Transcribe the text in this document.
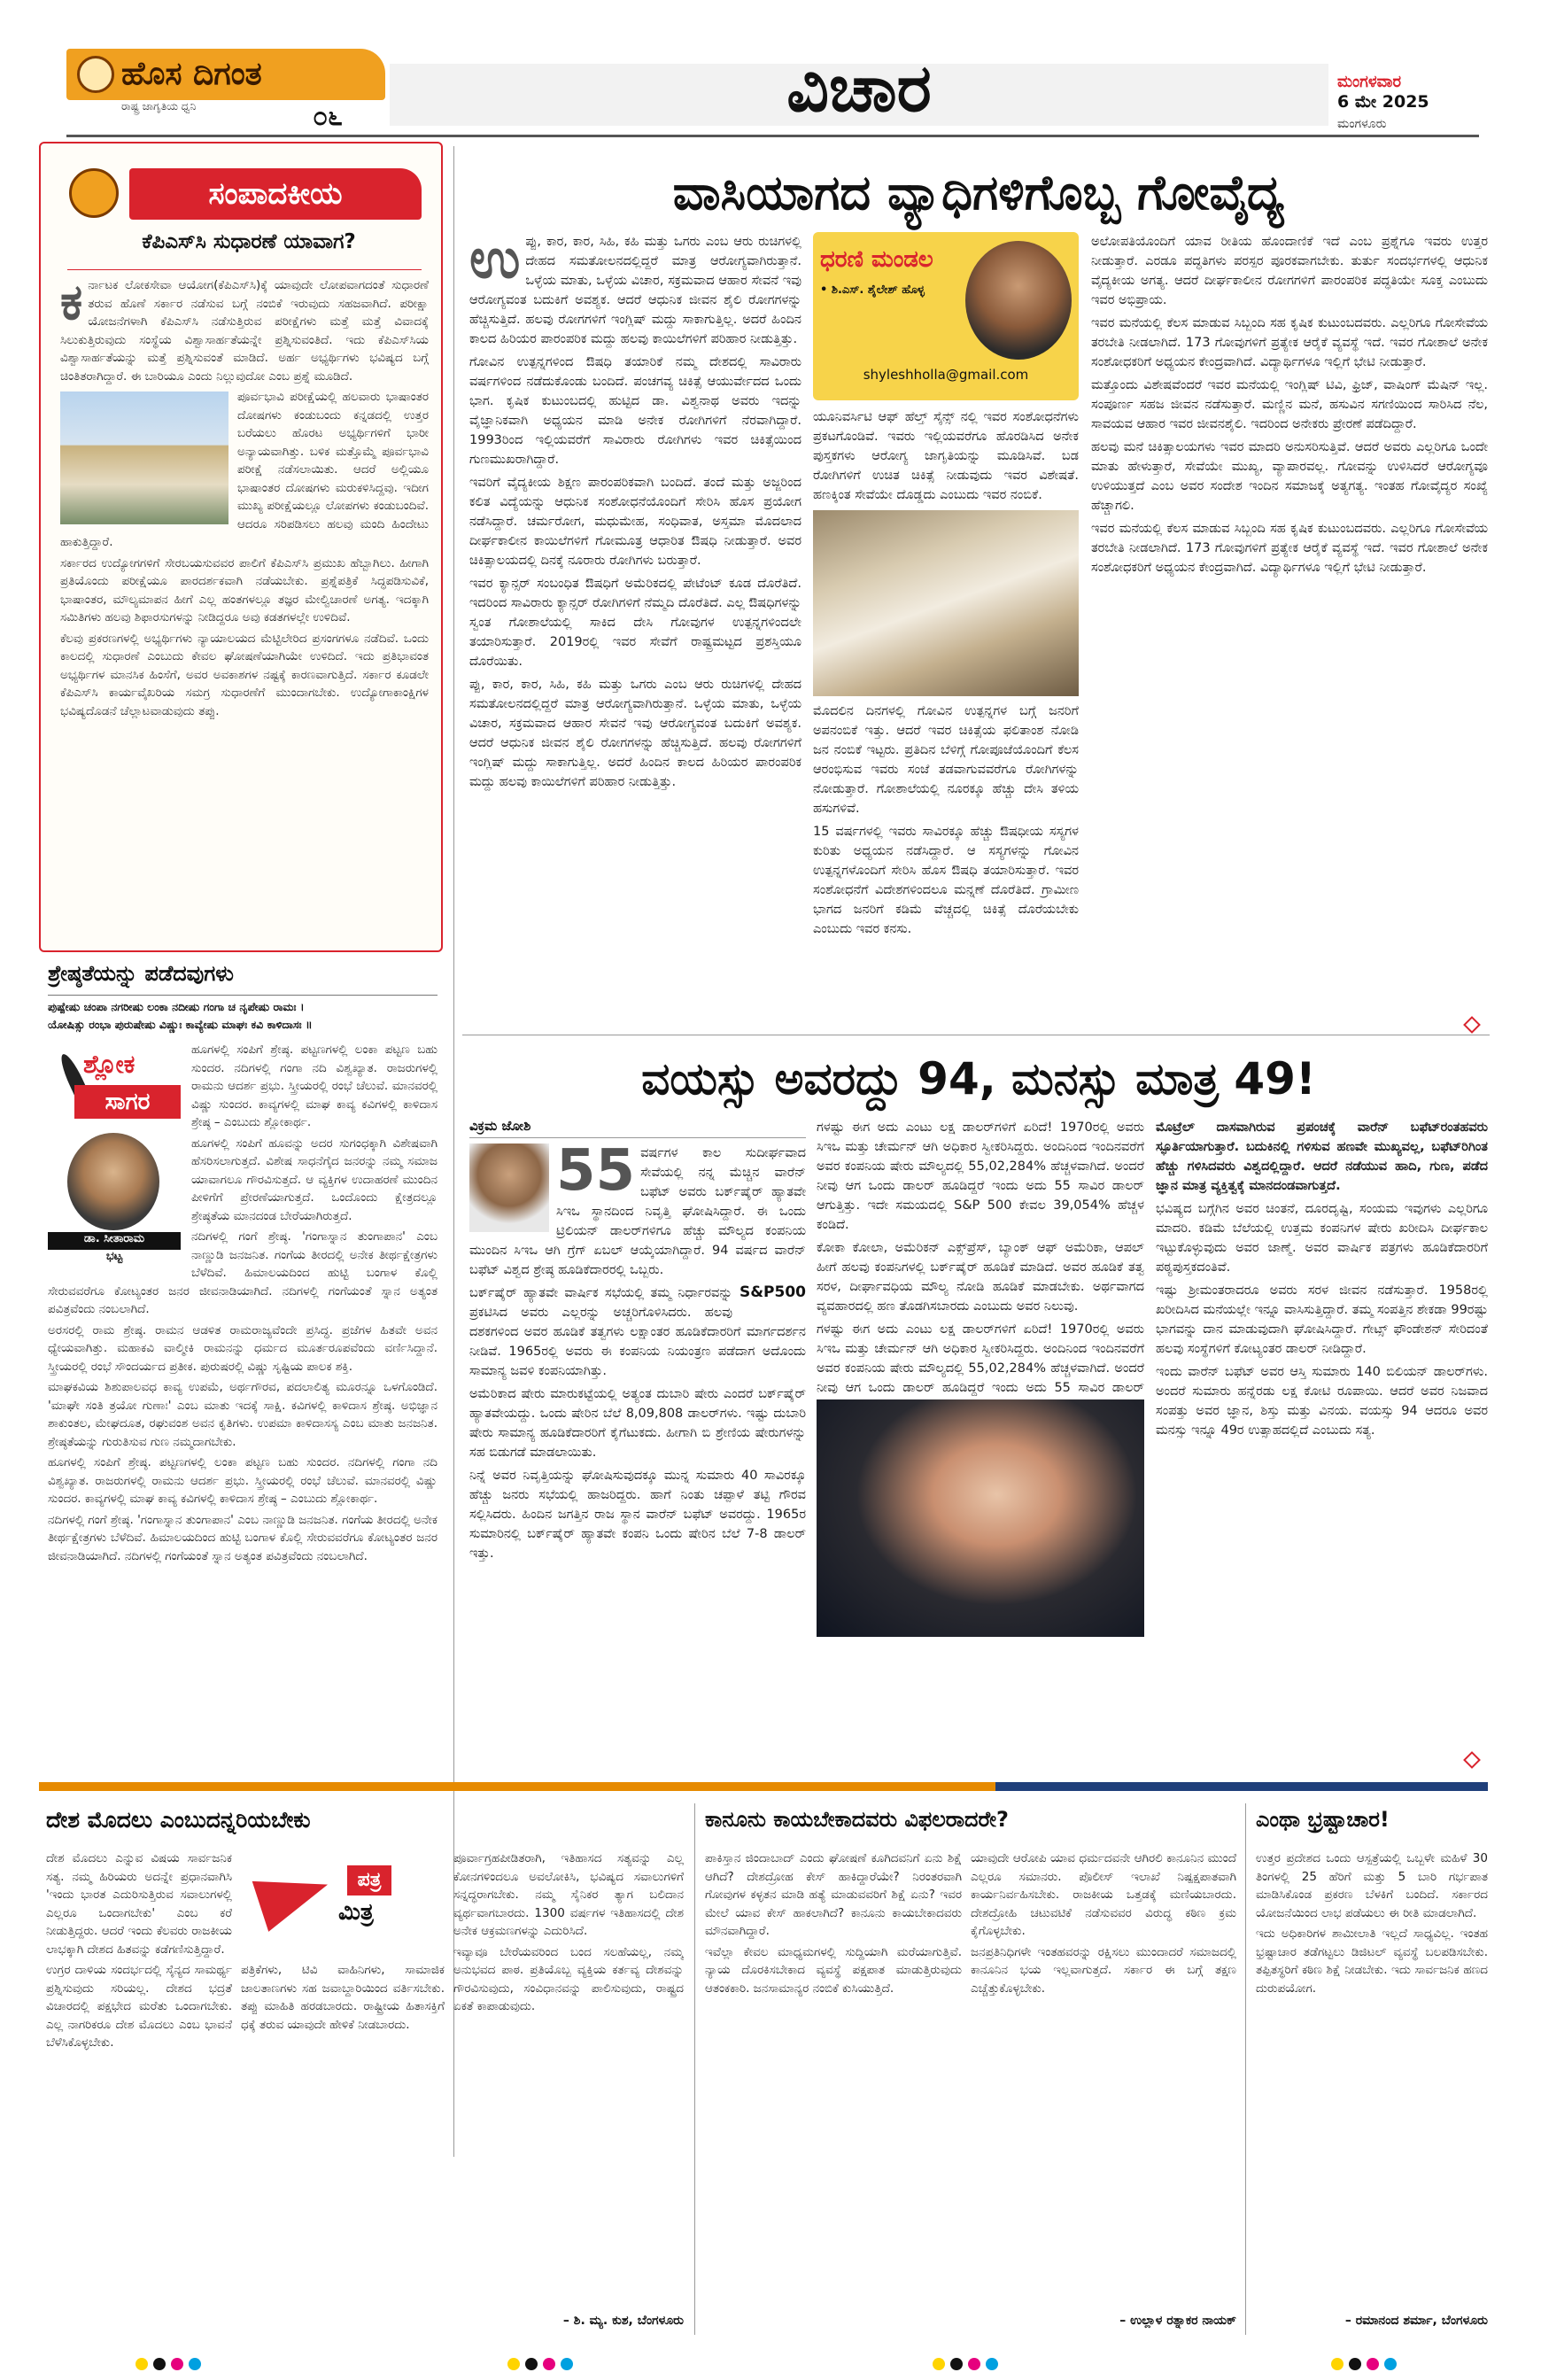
ಹೊಸ ದಿಗಂತ
ರಾಷ್ಟ್ರ ಜಾಗೃತಿಯ ಧ್ವನಿ	೦೬	ವಿಚಾರ	ಮಂಗಳವಾರ
6 ಮೇ 2025
ಮಂಗಳೂರು
ಸಂಪಾದಕೀಯ
ಕೆಪಿಎಸ್‌ಸಿ ಸುಧಾರಣೆ ಯಾವಾಗ?
ಕ ರ್ನಾಟಕ ಲೋಕಸೇವಾ ಆಯೋಗ(ಕೆಪಿಎಸ್‌ಸಿ)ಕ್ಕೆ ಯಾವುದೇ ಲೋಪವಾಗದಂತೆ ಸುಧಾರಣೆ ತರುವ ಹೊಣೆ ಸರ್ಕಾರ ನಡೆಸುವ ಬಗ್ಗೆ ನಂಬಿಕೆ ಇರುವುದು ಸಹಜವಾಗಿದೆ. ಪರೀಕ್ಷಾ ಯೋಜನೆಗಳಾಗಿ ಕೆಪಿಎಸ್‌ಸಿ ನಡೆಸುತ್ತಿರುವ ಪರೀಕ್ಷೆಗಳು ಮತ್ತೆ ಮತ್ತೆ ವಿವಾದಕ್ಕೆ ಸಿಲುಕುತ್ತಿರುವುದು ಸಂಸ್ಥೆಯ ವಿಶ್ವಾಸಾರ್ಹತೆಯನ್ನೇ ಪ್ರಶ್ನಿಸುವಂತಿದೆ. ಇದು ಕೆಪಿಎಸ್‌ಸಿಯ ವಿಶ್ವಾಸಾರ್ಹತೆಯನ್ನು ಮತ್ತೆ ಪ್ರಶ್ನಿಸುವಂತೆ ಮಾಡಿದೆ. ಅರ್ಹ ಅಭ್ಯರ್ಥಿಗಳು ಭವಿಷ್ಯದ ಬಗ್ಗೆ ಚಿಂತಿತರಾಗಿದ್ದಾರೆ. ಈ ಬಾರಿಯೂ ಎಂದು ನಿಲ್ಲುವುದೋ ಎಂಬ ಪ್ರಶ್ನೆ ಮೂಡಿದೆ.

ಪೂರ್ವಭಾವಿ ಪರೀಕ್ಷೆಯಲ್ಲಿ ಹಲವಾರು ಭಾಷಾಂತರ ದೋಷಗಳು ಕಂಡುಬಂದು ಕನ್ನಡದಲ್ಲಿ ಉತ್ತರ ಬರೆಯಲು ಹೊರಟ ಅಭ್ಯರ್ಥಿಗಳಿಗೆ ಭಾರೀ ಅನ್ಯಾಯವಾಗಿತ್ತು. ಬಳಿಕ ಮತ್ತೊಮ್ಮೆ ಪೂರ್ವಭಾವಿ ಪರೀಕ್ಷೆ ನಡೆಸಲಾಯಿತು. ಆದರೆ ಅಲ್ಲಿಯೂ ಭಾಷಾಂತರ ದೋಷಗಳು ಮರುಕಳಿಸಿದ್ದವು. ಇದೀಗ ಮುಖ್ಯ ಪರೀಕ್ಷೆಯಲ್ಲೂ ಲೋಪಗಳು ಕಂಡುಬಂದಿವೆ. ಆದರೂ ಸರಿಪಡಿಸಲು ಹಲವು ಮಂದಿ ಹಿಂದೇಟು ಹಾಕುತ್ತಿದ್ದಾರೆ.

ಸರ್ಕಾರದ ಉದ್ಯೋಗಗಳಿಗೆ ಸೇರಬಯಸುವವರ ಪಾಲಿಗೆ ಕೆಪಿಎಸ್‌ಸಿ ಪ್ರಮುಖ ಹೆಬ್ಬಾಗಿಲು. ಹೀಗಾಗಿ ಪ್ರತಿಯೊಂದು ಪರೀಕ್ಷೆಯೂ ಪಾರದರ್ಶಕವಾಗಿ ನಡೆಯಬೇಕು. ಪ್ರಶ್ನೆಪತ್ರಿಕೆ ಸಿದ್ಧಪಡಿಸುವಿಕೆ, ಭಾಷಾಂತರ, ಮೌಲ್ಯಮಾಪನ ಹೀಗೆ ಎಲ್ಲ ಹಂತಗಳಲ್ಲೂ ತಜ್ಞರ ಮೇಲ್ವಿಚಾರಣೆ ಅಗತ್ಯ. ಇದಕ್ಕಾಗಿ ಸಮಿತಿಗಳು ಹಲವು ಶಿಫಾರಸುಗಳನ್ನು ನೀಡಿದ್ದರೂ ಅವು ಕಡತಗಳಲ್ಲೇ ಉಳಿದಿವೆ.

ಕೆಲವು ಪ್ರಕರಣಗಳಲ್ಲಿ ಅಭ್ಯರ್ಥಿಗಳು ನ್ಯಾಯಾಲಯದ ಮೆಟ್ಟಿಲೇರಿದ ಪ್ರಸಂಗಗಳೂ ನಡೆದಿವೆ. ಒಂದು ಕಾಲದಲ್ಲಿ ಸುಧಾರಣೆ ಎಂಬುದು ಕೇವಲ ಘೋಷಣೆಯಾಗಿಯೇ ಉಳಿದಿದೆ. ಇದು ಪ್ರತಿಭಾವಂತ ಅಭ್ಯರ್ಥಿಗಳ ಮಾನಸಿಕ ಹಿಂಸೆಗೆ, ಅವರ ಅವಕಾಶಗಳ ನಷ್ಟಕ್ಕೆ ಕಾರಣವಾಗುತ್ತಿದೆ. ಸರ್ಕಾರ ಕೂಡಲೇ ಕೆಪಿಎಸ್‌ಸಿ ಕಾರ್ಯವೈಖರಿಯ ಸಮಗ್ರ ಸುಧಾರಣೆಗೆ ಮುಂದಾಗಬೇಕು. ಉದ್ಯೋಗಾಕಾಂಕ್ಷಿಗಳ ಭವಿಷ್ಯದೊಡನೆ ಚೆಲ್ಲಾಟವಾಡುವುದು ತಪ್ಪು.

ಶ್ರೇಷ್ಠತೆಯನ್ನು ಪಡೆದವುಗಳು
ಪುಷ್ಪೇಷು ಚಂಪಾ ನಗರೀಷು ಲಂಕಾ ನದೀಷು ಗಂಗಾ ಚ ನೃಪೇಷು ರಾಮಃ ।
ಯೋಷಿತ್ಸು ರಂಭಾ ಪುರುಷೇಷು ವಿಷ್ಣುಃ ಕಾವ್ಯೇಷು ಮಾಘಃ ಕವಿ ಕಾಳಿದಾಸಃ ॥
ಶ್ಲೋಕ
ಸಾಗರ
ಡಾ. ಸೀತಾರಾಮ
ಭಟ್ಟ

ಹೂಗಳಲ್ಲಿ ಸಂಪಿಗೆ ಶ್ರೇಷ್ಠ. ಪಟ್ಟಣಗಳಲ್ಲಿ ಲಂಕಾ ಪಟ್ಟಣ ಬಹು ಸುಂದರ. ನದಿಗಳಲ್ಲಿ ಗಂಗಾ ನದಿ ವಿಶ್ವಖ್ಯಾತ. ರಾಜರುಗಳಲ್ಲಿ ರಾಮನು ಆದರ್ಶ ಪ್ರಭು. ಸ್ತ್ರೀಯರಲ್ಲಿ ರಂಭೆ ಚೆಲುವೆ. ಮಾನವರಲ್ಲಿ ವಿಷ್ಣು ಸುಂದರ. ಕಾವ್ಯಗಳಲ್ಲಿ ಮಾಘ ಕಾವ್ಯ ಕವಿಗಳಲ್ಲಿ ಕಾಳಿದಾಸ ಶ್ರೇಷ್ಠ – ಎಂಬುದು ಶ್ಲೋಕಾರ್ಥ.

ಹೂಗಳಲ್ಲಿ ಸಂಪಿಗೆ ಹೂವನ್ನು ಅದರ ಸುಗಂಧಕ್ಕಾಗಿ ವಿಶೇಷವಾಗಿ ಹೆಸರಿಸಲಾಗುತ್ತದೆ. ವಿಶೇಷ ಸಾಧನೆಗೈದ ಜನರನ್ನು ನಮ್ಮ ಸಮಾಜ ಯಾವಾಗಲೂ ಗೌರವಿಸುತ್ತದೆ. ಆ ವ್ಯಕ್ತಿಗಳ ಉದಾಹರಣೆ ಮುಂದಿನ ಪೀಳಿಗೆಗೆ ಪ್ರೇರಣೆಯಾಗುತ್ತದೆ. ಒಂದೊಂದು ಕ್ಷೇತ್ರದಲ್ಲೂ ಶ್ರೇಷ್ಠತೆಯ ಮಾನದಂಡ ಬೇರೆಯಾಗಿರುತ್ತದೆ.

ನದಿಗಳಲ್ಲಿ ಗಂಗೆ ಶ್ರೇಷ್ಠ. 'ಗಂಗಾಸ್ನಾನ ತುಂಗಾಪಾನ' ಎಂಬ ನಾಣ್ಣುಡಿ ಜನಜನಿತ. ಗಂಗೆಯ ತೀರದಲ್ಲಿ ಅನೇಕ ತೀರ್ಥಕ್ಷೇತ್ರಗಳು ಬೆಳೆದಿವೆ. ಹಿಮಾಲಯದಿಂದ ಹುಟ್ಟಿ ಬಂಗಾಳ ಕೊಲ್ಲಿ ಸೇರುವವರೆಗೂ ಕೋಟ್ಯಂತರ ಜನರ ಜೀವನಾಡಿಯಾಗಿದೆ. ನದಿಗಳಲ್ಲಿ ಗಂಗೆಯಂತೆ ಸ್ನಾನ ಅತ್ಯಂತ ಪವಿತ್ರವೆಂದು ನಂಬಲಾಗಿದೆ.

ಅರಸರಲ್ಲಿ ರಾಮ ಶ್ರೇಷ್ಠ. ರಾಮನ ಆಡಳಿತ ರಾಮರಾಜ್ಯವೆಂದೇ ಪ್ರಸಿದ್ಧ. ಪ್ರಜೆಗಳ ಹಿತವೇ ಅವನ ಧ್ಯೇಯವಾಗಿತ್ತು. ಮಹಾಕವಿ ವಾಲ್ಮೀಕಿ ರಾಮನನ್ನು ಧರ್ಮದ ಮೂರ್ತರೂಪವೆಂದು ವರ್ಣಿಸಿದ್ದಾನೆ. ಸ್ತ್ರೀಯರಲ್ಲಿ ರಂಭೆ ಸೌಂದರ್ಯದ ಪ್ರತೀಕ. ಪುರುಷರಲ್ಲಿ ವಿಷ್ಣು ಸೃಷ್ಟಿಯ ಪಾಲಕ ಶಕ್ತಿ.

ಮಾಘಕವಿಯ ಶಿಶುಪಾಲವಧ ಕಾವ್ಯ ಉಪಮೆ, ಅರ್ಥಗೌರವ, ಪದಲಾಲಿತ್ಯ ಮೂರನ್ನೂ ಒಳಗೊಂಡಿದೆ. 'ಮಾಘೇ ಸಂತಿ ತ್ರಯೋ ಗುಣಾಃ' ಎಂಬ ಮಾತು ಇದಕ್ಕೆ ಸಾಕ್ಷಿ. ಕವಿಗಳಲ್ಲಿ ಕಾಳಿದಾಸ ಶ್ರೇಷ್ಠ. ಅಭಿಜ್ಞಾನ ಶಾಕುಂತಲ, ಮೇಘದೂತ, ರಘುವಂಶ ಅವನ ಕೃತಿಗಳು. ಉಪಮಾ ಕಾಳಿದಾಸಸ್ಯ ಎಂಬ ಮಾತು ಜನಜನಿತ. ಶ್ರೇಷ್ಠತೆಯನ್ನು ಗುರುತಿಸುವ ಗುಣ ನಮ್ಮದಾಗಬೇಕು.

ಹೂಗಳಲ್ಲಿ ಸಂಪಿಗೆ ಶ್ರೇಷ್ಠ. ಪಟ್ಟಣಗಳಲ್ಲಿ ಲಂಕಾ ಪಟ್ಟಣ ಬಹು ಸುಂದರ. ನದಿಗಳಲ್ಲಿ ಗಂಗಾ ನದಿ ವಿಶ್ವಖ್ಯಾತ. ರಾಜರುಗಳಲ್ಲಿ ರಾಮನು ಆದರ್ಶ ಪ್ರಭು. ಸ್ತ್ರೀಯರಲ್ಲಿ ರಂಭೆ ಚೆಲುವೆ. ಮಾನವರಲ್ಲಿ ವಿಷ್ಣು ಸುಂದರ. ಕಾವ್ಯಗಳಲ್ಲಿ ಮಾಘ ಕಾವ್ಯ ಕವಿಗಳಲ್ಲಿ ಕಾಳಿದಾಸ ಶ್ರೇಷ್ಠ – ಎಂಬುದು ಶ್ಲೋಕಾರ್ಥ.

ನದಿಗಳಲ್ಲಿ ಗಂಗೆ ಶ್ರೇಷ್ಠ. 'ಗಂಗಾಸ್ನಾನ ತುಂಗಾಪಾನ' ಎಂಬ ನಾಣ್ಣುಡಿ ಜನಜನಿತ. ಗಂಗೆಯ ತೀರದಲ್ಲಿ ಅನೇಕ ತೀರ್ಥಕ್ಷೇತ್ರಗಳು ಬೆಳೆದಿವೆ. ಹಿಮಾಲಯದಿಂದ ಹುಟ್ಟಿ ಬಂಗಾಳ ಕೊಲ್ಲಿ ಸೇರುವವರೆಗೂ ಕೋಟ್ಯಂತರ ಜನರ ಜೀವನಾಡಿಯಾಗಿದೆ. ನದಿಗಳಲ್ಲಿ ಗಂಗೆಯಂತೆ ಸ್ನಾನ ಅತ್ಯಂತ ಪವಿತ್ರವೆಂದು ನಂಬಲಾಗಿದೆ.

ವಾಸಿಯಾಗದ ವ್ಯಾಧಿಗಳಿಗೊಬ್ಬ ಗೋವೈದ್ಯ
ಉ ಪ್ಪು, ಕಾರ, ಕಾರ, ಸಿಹಿ, ಕಹಿ ಮತ್ತು ಒಗರು ಎಂಬ ಆರು ರುಚಿಗಳಲ್ಲಿ ದೇಹದ ಸಮತೋಲನದಲ್ಲಿದ್ದರೆ ಮಾತ್ರ ಆರೋಗ್ಯವಾಗಿರುತ್ತಾನೆ. ಒಳ್ಳೆಯ ಮಾತು, ಒಳ್ಳೆಯ ವಿಚಾರ, ಸಕ್ರಮವಾದ ಆಹಾರ ಸೇವನೆ ಇವು ಆರೋಗ್ಯವಂತ ಬದುಕಿಗೆ ಅವಶ್ಯಕ. ಆದರೆ ಆಧುನಿಕ ಜೀವನ ಶೈಲಿ ರೋಗಗಳನ್ನು ಹೆಚ್ಚಿಸುತ್ತಿದೆ. ಹಲವು ರೋಗಗಳಿಗೆ ಇಂಗ್ಲಿಷ್ ಮದ್ದು ಸಾಕಾಗುತ್ತಿಲ್ಲ. ಅದರೆ ಹಿಂದಿನ ಕಾಲದ ಹಿರಿಯರ ಪಾರಂಪರಿಕ ಮದ್ದು ಹಲವು ಕಾಯಿಲೆಗಳಿಗೆ ಪರಿಹಾರ ನೀಡುತ್ತಿತ್ತು.

ಗೋವಿನ ಉತ್ಪನ್ನಗಳಿಂದ ಔಷಧಿ ತಯಾರಿಕೆ ನಮ್ಮ ದೇಶದಲ್ಲಿ ಸಾವಿರಾರು ವರ್ಷಗಳಿಂದ ನಡೆದುಕೊಂಡು ಬಂದಿದೆ. ಪಂಚಗವ್ಯ ಚಿಕಿತ್ಸೆ ಆಯುರ್ವೇದದ ಒಂದು ಭಾಗ. ಕೃಷಿಕ ಕುಟುಂಬದಲ್ಲಿ ಹುಟ್ಟಿದ ಡಾ. ವಿಶ್ವನಾಥ ಅವರು ಇದನ್ನು ವೈಜ್ಞಾನಿಕವಾಗಿ ಅಧ್ಯಯನ ಮಾಡಿ ಅನೇಕ ರೋಗಿಗಳಿಗೆ ನೆರವಾಗಿದ್ದಾರೆ. 1993ರಿಂದ ಇಲ್ಲಿಯವರೆಗೆ ಸಾವಿರಾರು ರೋಗಿಗಳು ಇವರ ಚಿಕಿತ್ಸೆಯಿಂದ ಗುಣಮುಖರಾಗಿದ್ದಾರೆ.

ಇವರಿಗೆ ವೈದ್ಯಕೀಯ ಶಿಕ್ಷಣ ಪಾರಂಪರಿಕವಾಗಿ ಬಂದಿದೆ. ತಂದೆ ಮತ್ತು ಅಜ್ಜರಿಂದ ಕಲಿತ ವಿದ್ಯೆಯನ್ನು ಆಧುನಿಕ ಸಂಶೋಧನೆಯೊಂದಿಗೆ ಸೇರಿಸಿ ಹೊಸ ಪ್ರಯೋಗ ನಡೆಸಿದ್ದಾರೆ. ಚರ್ಮರೋಗ, ಮಧುಮೇಹ, ಸಂಧಿವಾತ, ಅಸ್ತಮಾ ಮೊದಲಾದ ದೀರ್ಘಕಾಲೀನ ಕಾಯಿಲೆಗಳಿಗೆ ಗೋಮೂತ್ರ ಆಧಾರಿತ ಔಷಧಿ ನೀಡುತ್ತಾರೆ. ಅವರ ಚಿಕಿತ್ಸಾಲಯದಲ್ಲಿ ದಿನಕ್ಕೆ ನೂರಾರು ರೋಗಿಗಳು ಬರುತ್ತಾರೆ.

ಇವರ ಕ್ಯಾನ್ಸರ್ ಸಂಬಂಧಿತ ಔಷಧಿಗೆ ಅಮೆರಿಕದಲ್ಲಿ ಪೇಟೆಂಟ್ ಕೂಡ ದೊರೆತಿದೆ. ಇದರಿಂದ ಸಾವಿರಾರು ಕ್ಯಾನ್ಸರ್ ರೋಗಿಗಳಿಗೆ ನೆಮ್ಮದಿ ದೊರೆತಿದೆ. ಎಲ್ಲ ಔಷಧಿಗಳನ್ನು ಸ್ವಂತ ಗೋಶಾಲೆಯಲ್ಲಿ ಸಾಕಿದ ದೇಸಿ ಗೋವುಗಳ ಉತ್ಪನ್ನಗಳಿಂದಲೇ ತಯಾರಿಸುತ್ತಾರೆ. 2019ರಲ್ಲಿ ಇವರ ಸೇವೆಗೆ ರಾಷ್ಟ್ರಮಟ್ಟದ ಪ್ರಶಸ್ತಿಯೂ ದೊರೆಯಿತು.

ಪ್ಪು, ಕಾರ, ಕಾರ, ಸಿಹಿ, ಕಹಿ ಮತ್ತು ಒಗರು ಎಂಬ ಆರು ರುಚಿಗಳಲ್ಲಿ ದೇಹದ ಸಮತೋಲನದಲ್ಲಿದ್ದರೆ ಮಾತ್ರ ಆರೋಗ್ಯವಾಗಿರುತ್ತಾನೆ. ಒಳ್ಳೆಯ ಮಾತು, ಒಳ್ಳೆಯ ವಿಚಾರ, ಸಕ್ರಮವಾದ ಆಹಾರ ಸೇವನೆ ಇವು ಆರೋಗ್ಯವಂತ ಬದುಕಿಗೆ ಅವಶ್ಯಕ. ಆದರೆ ಆಧುನಿಕ ಜೀವನ ಶೈಲಿ ರೋಗಗಳನ್ನು ಹೆಚ್ಚಿಸುತ್ತಿದೆ. ಹಲವು ರೋಗಗಳಿಗೆ ಇಂಗ್ಲಿಷ್ ಮದ್ದು ಸಾಕಾಗುತ್ತಿಲ್ಲ. ಅದರೆ ಹಿಂದಿನ ಕಾಲದ ಹಿರಿಯರ ಪಾರಂಪರಿಕ ಮದ್ದು ಹಲವು ಕಾಯಿಲೆಗಳಿಗೆ ಪರಿಹಾರ ನೀಡುತ್ತಿತ್ತು.

ಧರಣಿ ಮಂಡಲ
• ಶಿ.ಎಸ್. ಶೈಲೇಶ್ ಹೊಳ್ಳ
shyleshholla@gmail.com

ಯೂನಿವರ್ಸಿಟಿ ಆಫ್ ಹೆಲ್ತ್ ಸೈನ್ಸ್ ನಲ್ಲಿ ಇವರ ಸಂಶೋಧನೆಗಳು ಪ್ರಕಟಗೊಂಡಿವೆ. ಇವರು ಇಲ್ಲಿಯವರೆಗೂ ಹೊರಡಿಸಿದ ಅನೇಕ ಪುಸ್ತಕಗಳು ಆರೋಗ್ಯ ಜಾಗೃತಿಯನ್ನು ಮೂಡಿಸಿವೆ. ಬಡ ರೋಗಿಗಳಿಗೆ ಉಚಿತ ಚಿಕಿತ್ಸೆ ನೀಡುವುದು ಇವರ ವಿಶೇಷತೆ. ಹಣಕ್ಕಿಂತ ಸೇವೆಯೇ ದೊಡ್ಡದು ಎಂಬುದು ಇವರ ನಂಬಿಕೆ.

ಮೊದಲಿನ ದಿನಗಳಲ್ಲಿ ಗೋವಿನ ಉತ್ಪನ್ನಗಳ ಬಗ್ಗೆ ಜನರಿಗೆ ಅಪನಂಬಿಕೆ ಇತ್ತು. ಆದರೆ ಇವರ ಚಿಕಿತ್ಸೆಯ ಫಲಿತಾಂಶ ನೋಡಿ ಜನ ನಂಬಿಕೆ ಇಟ್ಟರು. ಪ್ರತಿದಿನ ಬೆಳಿಗ್ಗೆ ಗೋಪೂಜೆಯೊಂದಿಗೆ ಕೆಲಸ ಆರಂಭಿಸುವ ಇವರು ಸಂಜೆ ತಡವಾಗುವವರೆಗೂ ರೋಗಿಗಳನ್ನು ನೋಡುತ್ತಾರೆ. ಗೋಶಾಲೆಯಲ್ಲಿ ನೂರಕ್ಕೂ ಹೆಚ್ಚು ದೇಸಿ ತಳಿಯ ಹಸುಗಳಿವೆ.

15 ವರ್ಷಗಳಲ್ಲಿ ಇವರು ಸಾವಿರಕ್ಕೂ ಹೆಚ್ಚು ಔಷಧೀಯ ಸಸ್ಯಗಳ ಕುರಿತು ಅಧ್ಯಯನ ನಡೆಸಿದ್ದಾರೆ. ಆ ಸಸ್ಯಗಳನ್ನು ಗೋವಿನ ಉತ್ಪನ್ನಗಳೊಂದಿಗೆ ಸೇರಿಸಿ ಹೊಸ ಔಷಧಿ ತಯಾರಿಸುತ್ತಾರೆ. ಇವರ ಸಂಶೋಧನೆಗೆ ವಿದೇಶಗಳಿಂದಲೂ ಮನ್ನಣೆ ದೊರೆತಿದೆ. ಗ್ರಾಮೀಣ ಭಾಗದ ಜನರಿಗೆ ಕಡಿಮೆ ವೆಚ್ಚದಲ್ಲಿ ಚಿಕಿತ್ಸೆ ದೊರೆಯಬೇಕು ಎಂಬುದು ಇವರ ಕನಸು.

ಅಲೋಪತಿಯೊಂದಿಗೆ ಯಾವ ರೀತಿಯ ಹೊಂದಾಣಿಕೆ ಇದೆ ಎಂಬ ಪ್ರಶ್ನೆಗೂ ಇವರು ಉತ್ತರ ನೀಡುತ್ತಾರೆ. ಎರಡೂ ಪದ್ಧತಿಗಳು ಪರಸ್ಪರ ಪೂರಕವಾಗಬೇಕು. ತುರ್ತು ಸಂದರ್ಭಗಳಲ್ಲಿ ಆಧುನಿಕ ವೈದ್ಯಕೀಯ ಅಗತ್ಯ. ಆದರೆ ದೀರ್ಘಕಾಲೀನ ರೋಗಗಳಿಗೆ ಪಾರಂಪರಿಕ ಪದ್ಧತಿಯೇ ಸೂಕ್ತ ಎಂಬುದು ಇವರ ಅಭಿಪ್ರಾಯ.

ಇವರ ಮನೆಯಲ್ಲಿ ಕೆಲಸ ಮಾಡುವ ಸಿಬ್ಬಂದಿ ಸಹ ಕೃಷಿಕ ಕುಟುಂಬದವರು. ಎಲ್ಲರಿಗೂ ಗೋಸೇವೆಯ ತರಬೇತಿ ನೀಡಲಾಗಿದೆ. 173 ಗೋವುಗಳಿಗೆ ಪ್ರತ್ಯೇಕ ಆರೈಕೆ ವ್ಯವಸ್ಥೆ ಇದೆ. ಇವರ ಗೋಶಾಲೆ ಅನೇಕ ಸಂಶೋಧಕರಿಗೆ ಅಧ್ಯಯನ ಕೇಂದ್ರವಾಗಿದೆ. ವಿದ್ಯಾರ್ಥಿಗಳೂ ಇಲ್ಲಿಗೆ ಭೇಟಿ ನೀಡುತ್ತಾರೆ.

ಮತ್ತೊಂದು ವಿಶೇಷವೆಂದರೆ ಇವರ ಮನೆಯಲ್ಲಿ ಇಂಗ್ಲಿಷ್ ಟಿವಿ, ಫ್ರಿಜ್, ವಾಷಿಂಗ್ ಮೆಷಿನ್ ಇಲ್ಲ. ಸಂಪೂರ್ಣ ಸಹಜ ಜೀವನ ನಡೆಸುತ್ತಾರೆ. ಮಣ್ಣಿನ ಮನೆ, ಹಸುವಿನ ಸಗಣಿಯಿಂದ ಸಾರಿಸಿದ ನೆಲ, ಸಾವಯವ ಆಹಾರ ಇವರ ಜೀವನಶೈಲಿ. ಇದರಿಂದ ಅನೇಕರು ಪ್ರೇರಣೆ ಪಡೆದಿದ್ದಾರೆ.

ಹಲವು ಮನೆ ಚಿಕಿತ್ಸಾಲಯಗಳು ಇವರ ಮಾದರಿ ಅನುಸರಿಸುತ್ತಿವೆ. ಆದರೆ ಅವರು ಎಲ್ಲರಿಗೂ ಒಂದೇ ಮಾತು ಹೇಳುತ್ತಾರೆ, ಸೇವೆಯೇ ಮುಖ್ಯ, ವ್ಯಾಪಾರವಲ್ಲ. ಗೋವನ್ನು ಉಳಿಸಿದರೆ ಆರೋಗ್ಯವೂ ಉಳಿಯುತ್ತದೆ ಎಂಬ ಅವರ ಸಂದೇಶ ಇಂದಿನ ಸಮಾಜಕ್ಕೆ ಅತ್ಯಗತ್ಯ. ಇಂತಹ ಗೋವೈದ್ಯರ ಸಂಖ್ಯೆ ಹೆಚ್ಚಾಗಲಿ.

ಇವರ ಮನೆಯಲ್ಲಿ ಕೆಲಸ ಮಾಡುವ ಸಿಬ್ಬಂದಿ ಸಹ ಕೃಷಿಕ ಕುಟುಂಬದವರು. ಎಲ್ಲರಿಗೂ ಗೋಸೇವೆಯ ತರಬೇತಿ ನೀಡಲಾಗಿದೆ. 173 ಗೋವುಗಳಿಗೆ ಪ್ರತ್ಯೇಕ ಆರೈಕೆ ವ್ಯವಸ್ಥೆ ಇದೆ. ಇವರ ಗೋಶಾಲೆ ಅನೇಕ ಸಂಶೋಧಕರಿಗೆ ಅಧ್ಯಯನ ಕೇಂದ್ರವಾಗಿದೆ. ವಿದ್ಯಾರ್ಥಿಗಳೂ ಇಲ್ಲಿಗೆ ಭೇಟಿ ನೀಡುತ್ತಾರೆ.

ವಯಸ್ಸು ಅವರದ್ದು 94, ಮನಸ್ಸು ಮಾತ್ರ 49!
ವಿಕ್ರಮ ಜೋಶಿ
55 ವರ್ಷಗಳ ಕಾಲ ಸುದೀರ್ಘವಾದ ಸೇವೆಯಲ್ಲಿ ನನ್ನ ಮೆಚ್ಚಿನ ವಾರೆನ್ ಬಫೆಟ್ ಅವರು ಬರ್ಕ್‌ಷೈರ್ ಹ್ಯಾತವೇ ಸಿಇಒ ಸ್ಥಾನದಿಂದ ನಿವೃತ್ತಿ ಘೋಷಿಸಿದ್ದಾರೆ. ಈ ಒಂದು ಟ್ರಿಲಿಯನ್ ಡಾಲರ್‌ಗಳಿಗೂ ಹೆಚ್ಚು ಮೌಲ್ಯದ ಕಂಪನಿಯ ಮುಂದಿನ ಸಿಇಒ ಆಗಿ ಗ್ರೆಗ್ ಏಬಲ್ ಆಯ್ಕೆಯಾಗಿದ್ದಾರೆ. 94 ವರ್ಷದ ವಾರೆನ್ ಬಫೆಟ್ ವಿಶ್ವದ ಶ್ರೇಷ್ಠ ಹೂಡಿಕೆದಾರರಲ್ಲಿ ಒಬ್ಬರು.

S&P500

ಬರ್ಕ್‌ಷೈರ್ ಹ್ಯಾತವೇ ವಾರ್ಷಿಕ ಸಭೆಯಲ್ಲಿ ತಮ್ಮ ನಿರ್ಧಾರವನ್ನು ಪ್ರಕಟಿಸಿದ ಅವರು ಎಲ್ಲರನ್ನು ಅಚ್ಚರಿಗೊಳಿಸಿದರು. ಹಲವು ದಶಕಗಳಿಂದ ಅವರ ಹೂಡಿಕೆ ತತ್ವಗಳು ಲಕ್ಷಾಂತರ ಹೂಡಿಕೆದಾರರಿಗೆ ಮಾರ್ಗದರ್ಶನ ನೀಡಿವೆ. 1965ರಲ್ಲಿ ಅವರು ಈ ಕಂಪನಿಯ ನಿಯಂತ್ರಣ ಪಡೆದಾಗ ಅದೊಂದು ಸಾಮಾನ್ಯ ಜವಳಿ ಕಂಪನಿಯಾಗಿತ್ತು.

ಅಮೆರಿಕಾದ ಷೇರು ಮಾರುಕಟ್ಟೆಯಲ್ಲಿ ಅತ್ಯಂತ ದುಬಾರಿ ಷೇರು ಎಂದರೆ ಬರ್ಕ್‌ಷೈರ್ ಹ್ಯಾತವೇಯದ್ದು. ಒಂದು ಷೇರಿನ ಬೆಲೆ 8,09,808 ಡಾಲರ್‌ಗಳು. ಇಷ್ಟು ದುಬಾರಿ ಷೇರು ಸಾಮಾನ್ಯ ಹೂಡಿಕೆದಾರರಿಗೆ ಕೈಗೆಟುಕದು. ಹೀಗಾಗಿ ಬಿ ಶ್ರೇಣಿಯ ಷೇರುಗಳನ್ನು ಸಹ ಬಿಡುಗಡೆ ಮಾಡಲಾಯಿತು.

ನಿನ್ನೆ ಅವರ ನಿವೃತ್ತಿಯನ್ನು ಘೋಷಿಸುವುದಕ್ಕೂ ಮುನ್ನ ಸುಮಾರು 40 ಸಾವಿರಕ್ಕೂ ಹೆಚ್ಚು ಜನರು ಸಭೆಯಲ್ಲಿ ಹಾಜರಿದ್ದರು. ಹಾಗೆ ನಿಂತು ಚಪ್ಪಾಳೆ ತಟ್ಟಿ ಗೌರವ ಸಲ್ಲಿಸಿದರು. ಹಿಂದಿನ ಜಗತ್ತಿನ ರಾಜ ಸ್ಥಾನ ವಾರೆನ್ ಬಫೆಟ್ ಅವರದ್ದು. 1965ರ ಸುಮಾರಿನಲ್ಲಿ ಬರ್ಕ್‌ಷೈರ್ ಹ್ಯಾತವೇ ಕಂಪನಿ ಒಂದು ಷೇರಿನ ಬೆಲೆ 7-8 ಡಾಲರ್ ಇತ್ತು.

ಗಳಷ್ಟು ಈಗ ಅದು ಎಂಟು ಲಕ್ಷ ಡಾಲರ್‌ಗಳಿಗೆ ಏರಿದೆ! 1970ರಲ್ಲಿ ಅವರು ಸಿಇಒ ಮತ್ತು ಚೇರ್ಮನ್ ಆಗಿ ಅಧಿಕಾರ ಸ್ವೀಕರಿಸಿದ್ದರು. ಅಂದಿನಿಂದ ಇಂದಿನವರೆಗೆ ಅವರ ಕಂಪನಿಯ ಷೇರು ಮೌಲ್ಯದಲ್ಲಿ 55,02,284% ಹೆಚ್ಚಳವಾಗಿದೆ. ಅಂದರೆ ನೀವು ಆಗ ಒಂದು ಡಾಲರ್ ಹೂಡಿದ್ದರೆ ಇಂದು ಅದು 55 ಸಾವಿರ ಡಾಲರ್ ಆಗುತ್ತಿತ್ತು. ಇದೇ ಸಮಯದಲ್ಲಿ S&P 500 ಕೇವಲ 39,054% ಹೆಚ್ಚಳ ಕಂಡಿದೆ.

ಕೋಕಾ ಕೋಲಾ, ಅಮೆರಿಕನ್ ಎಕ್ಸ್‌ಪ್ರೆಸ್, ಬ್ಯಾಂಕ್ ಆಫ್ ಅಮೆರಿಕಾ, ಆಪಲ್ ಹೀಗೆ ಹಲವು ಕಂಪನಿಗಳಲ್ಲಿ ಬರ್ಕ್‌ಷೈರ್ ಹೂಡಿಕೆ ಮಾಡಿದೆ. ಅವರ ಹೂಡಿಕೆ ತತ್ವ ಸರಳ, ದೀರ್ಘಾವಧಿಯ ಮೌಲ್ಯ ನೋಡಿ ಹೂಡಿಕೆ ಮಾಡಬೇಕು. ಅರ್ಥವಾಗದ ವ್ಯವಹಾರದಲ್ಲಿ ಹಣ ತೊಡಗಿಸಬಾರದು ಎಂಬುದು ಅವರ ನಿಲುವು.

ಗಳಷ್ಟು ಈಗ ಅದು ಎಂಟು ಲಕ್ಷ ಡಾಲರ್‌ಗಳಿಗೆ ಏರಿದೆ! 1970ರಲ್ಲಿ ಅವರು ಸಿಇಒ ಮತ್ತು ಚೇರ್ಮನ್ ಆಗಿ ಅಧಿಕಾರ ಸ್ವೀಕರಿಸಿದ್ದರು. ಅಂದಿನಿಂದ ಇಂದಿನವರೆಗೆ ಅವರ ಕಂಪನಿಯ ಷೇರು ಮೌಲ್ಯದಲ್ಲಿ 55,02,284% ಹೆಚ್ಚಳವಾಗಿದೆ. ಅಂದರೆ ನೀವು ಆಗ ಒಂದು ಡಾಲರ್ ಹೂಡಿದ್ದರೆ ಇಂದು ಅದು 55 ಸಾವಿರ ಡಾಲರ್

ಮೊಟ್ರೆಲ್ ದಾಸವಾಗಿರುವ ಪ್ರಪಂಚಕ್ಕೆ ವಾರೆನ್ ಬಫೆಟ್‌ರಂತಹವರು ಸ್ಫೂರ್ತಿಯಾಗುತ್ತಾರೆ. ಬದುಕಿನಲ್ಲಿ ಗಳಿಸುವ ಹಣವೇ ಮುಖ್ಯವಲ್ಲ, ಬಫೆಟ್‌ರಿಗಿಂತ ಹೆಚ್ಚು ಗಳಿಸಿದವರು ವಿಶ್ವದಲ್ಲಿದ್ದಾರೆ. ಆದರೆ ನಡೆಯುವ ಹಾದಿ, ಗುಣ, ಪಡೆದ ಜ್ಞಾನ ಮಾತ್ರ ವ್ಯಕ್ತಿತ್ವಕ್ಕೆ ಮಾನದಂಡವಾಗುತ್ತದೆ.

ಭವಿಷ್ಯದ ಬಗ್ಗೆಗಿನ ಅವರ ಚಿಂತನೆ, ದೂರದೃಷ್ಟಿ, ಸಂಯಮ ಇವುಗಳು ಎಲ್ಲರಿಗೂ ಮಾದರಿ. ಕಡಿಮೆ ಬೆಲೆಯಲ್ಲಿ ಉತ್ತಮ ಕಂಪನಿಗಳ ಷೇರು ಖರೀದಿಸಿ ದೀರ್ಘಕಾಲ ಇಟ್ಟುಕೊಳ್ಳುವುದು ಅವರ ಜಾಣ್ಮೆ. ಅವರ ವಾರ್ಷಿಕ ಪತ್ರಗಳು ಹೂಡಿಕೆದಾರರಿಗೆ ಪಠ್ಯಪುಸ್ತಕದಂತಿವೆ.

ಇಷ್ಟು ಶ್ರೀಮಂತರಾದರೂ ಅವರು ಸರಳ ಜೀವನ ನಡೆಸುತ್ತಾರೆ. 1958ರಲ್ಲಿ ಖರೀದಿಸಿದ ಮನೆಯಲ್ಲೇ ಇನ್ನೂ ವಾಸಿಸುತ್ತಿದ್ದಾರೆ. ತಮ್ಮ ಸಂಪತ್ತಿನ ಶೇಕಡಾ 99ರಷ್ಟು ಭಾಗವನ್ನು ದಾನ ಮಾಡುವುದಾಗಿ ಘೋಷಿಸಿದ್ದಾರೆ. ಗೇಟ್ಸ್ ಫೌಂಡೇಶನ್ ಸೇರಿದಂತೆ ಹಲವು ಸಂಸ್ಥೆಗಳಿಗೆ ಕೋಟ್ಯಂತರ ಡಾಲರ್ ನೀಡಿದ್ದಾರೆ.

ಇಂದು ವಾರೆನ್ ಬಫೆಟ್ ಅವರ ಆಸ್ತಿ ಸುಮಾರು 140 ಬಿಲಿಯನ್ ಡಾಲರ್‌ಗಳು. ಅಂದರೆ ಸುಮಾರು ಹನ್ನೆರಡು ಲಕ್ಷ ಕೋಟಿ ರೂಪಾಯಿ. ಆದರೆ ಅವರ ನಿಜವಾದ ಸಂಪತ್ತು ಅವರ ಜ್ಞಾನ, ಶಿಸ್ತು ಮತ್ತು ವಿನಯ. ವಯಸ್ಸು 94 ಆದರೂ ಅವರ ಮನಸ್ಸು ಇನ್ನೂ 49ರ ಉತ್ಸಾಹದಲ್ಲಿದೆ ಎಂಬುದು ಸತ್ಯ.

ದೇಶ ಮೊದಲು ಎಂಬುದನ್ನರಿಯಬೇಕು

ದೇಶ ಮೊದಲು ಎನ್ನುವ ವಿಷಯ ಸಾರ್ವಜನಿಕ ಸತ್ಯ. ನಮ್ಮ ಹಿರಿಯರು ಅದನ್ನೇ ಪ್ರಧಾನವಾಗಿಸಿ 'ಇಂದು ಭಾರತ ಎದುರಿಸುತ್ತಿರುವ ಸವಾಲುಗಳಲ್ಲಿ ಎಲ್ಲರೂ ಒಂದಾಗಬೇಕು' ಎಂಬ ಕರೆ ನೀಡುತ್ತಿದ್ದರು. ಆದರೆ ಇಂದು ಕೆಲವರು ರಾಜಕೀಯ ಲಾಭಕ್ಕಾಗಿ ದೇಶದ ಹಿತವನ್ನು ಕಡೆಗಣಿಸುತ್ತಿದ್ದಾರೆ.

ಉಗ್ರರ ದಾಳಿಯ ಸಂದರ್ಭದಲ್ಲಿ ಸೈನ್ಯದ ಸಾಮರ್ಥ್ಯ ಪ್ರಶ್ನಿಸುವುದು ಸರಿಯಲ್ಲ. ದೇಶದ ಭದ್ರತೆ ವಿಚಾರದಲ್ಲಿ ಪಕ್ಷಭೇದ ಮರೆತು ಒಂದಾಗಬೇಕು. ಎಲ್ಲ ನಾಗರಿಕರೂ ದೇಶ ಮೊದಲು ಎಂಬ ಭಾವನೆ ಬೆಳೆಸಿಕೊಳ್ಳಬೇಕು.

ಪತ್ರ
ಮಿತ್ರ

ಪತ್ರಿಕೆಗಳು, ಟಿವಿ ವಾಹಿನಿಗಳು, ಸಾಮಾಜಿಕ ಜಾಲತಾಣಗಳು ಸಹ ಜವಾಬ್ದಾರಿಯಿಂದ ವರ್ತಿಸಬೇಕು. ತಪ್ಪು ಮಾಹಿತಿ ಹರಡಬಾರದು. ರಾಷ್ಟ್ರೀಯ ಹಿತಾಸಕ್ತಿಗೆ ಧಕ್ಕೆ ತರುವ ಯಾವುದೇ ಹೇಳಿಕೆ ನೀಡಬಾರದು.

ಪೂರ್ವಾಗ್ರಹಪೀಡಿತರಾಗಿ, ಇತಿಹಾಸದ ಸತ್ಯವನ್ನು ಎಲ್ಲ ಕೋನಗಳಿಂದಲೂ ಅವಲೋಕಿಸಿ, ಭವಿಷ್ಯದ ಸವಾಲುಗಳಿಗೆ ಸನ್ನದ್ಧರಾಗಬೇಕು. ನಮ್ಮ ಸೈನಿಕರ ತ್ಯಾಗ ಬಲಿದಾನ ವ್ಯರ್ಥವಾಗಬಾರದು. 1300 ವರ್ಷಗಳ ಇತಿಹಾಸದಲ್ಲಿ ದೇಶ ಅನೇಕ ಆಕ್ರಮಣಗಳನ್ನು ಎದುರಿಸಿದೆ.

ಇವ್ಯಾವೂ ಬೇರೆಯವರಿಂದ ಬಂದ ಸಲಹೆಯಲ್ಲ, ನಮ್ಮ ಅನುಭವದ ಪಾಠ. ಪ್ರತಿಯೊಬ್ಬ ವ್ಯಕ್ತಿಯ ಕರ್ತವ್ಯ ದೇಶವನ್ನು ಗೌರವಿಸುವುದು, ಸಂವಿಧಾನವನ್ನು ಪಾಲಿಸುವುದು, ರಾಷ್ಟ್ರದ ಏಕತೆ ಕಾಪಾಡುವುದು.

– ಶಿ. ಮ್ಯ. ಕುಶ, ಬೆಂಗಳೂರು
ಕಾನೂನು ಕಾಯಬೇಕಾದವರು ವಿಫಲರಾದರೇ?

ಪಾಕಿಸ್ತಾನ ಜಿಂದಾಬಾದ್ ಎಂದು ಘೋಷಣೆ ಕೂಗಿದವನಿಗೆ ಏನು ಶಿಕ್ಷೆ ಆಗಿದೆ? ದೇಶದ್ರೋಹ ಕೇಸ್ ಹಾಕಿದ್ದಾರೆಯೇ? ನಿರಂತರವಾಗಿ ಗೋವುಗಳ ಕಳ್ಳತನ ಮಾಡಿ ಹತ್ಯೆ ಮಾಡುವವರಿಗೆ ಶಿಕ್ಷೆ ಏನು? ಇವರ ಮೇಲೆ ಯಾವ ಕೇಸ್ ಹಾಕಲಾಗಿದೆ? ಕಾನೂನು ಕಾಯಬೇಕಾದವರು ಮೌನವಾಗಿದ್ದಾರೆ.

ಇವೆಲ್ಲಾ ಕೇವಲ ಮಾಧ್ಯಮಗಳಲ್ಲಿ ಸುದ್ದಿಯಾಗಿ ಮರೆಯಾಗುತ್ತಿವೆ. ನ್ಯಾಯ ದೊರಕಿಸಬೇಕಾದ ವ್ಯವಸ್ಥೆ ಪಕ್ಷಪಾತ ಮಾಡುತ್ತಿರುವುದು ಆತಂಕಕಾರಿ. ಜನಸಾಮಾನ್ಯರ ನಂಬಿಕೆ ಕುಸಿಯುತ್ತಿದೆ.

ಯಾವುದೇ ಆರೋಪಿ ಯಾವ ಧರ್ಮದವನೇ ಆಗಿರಲಿ ಕಾನೂನಿನ ಮುಂದೆ ಎಲ್ಲರೂ ಸಮಾನರು. ಪೊಲೀಸ್ ಇಲಾಖೆ ನಿಷ್ಪಕ್ಷಪಾತವಾಗಿ ಕಾರ್ಯನಿರ್ವಹಿಸಬೇಕು. ರಾಜಕೀಯ ಒತ್ತಡಕ್ಕೆ ಮಣಿಯಬಾರದು. ದೇಶದ್ರೋಹಿ ಚಟುವಟಿಕೆ ನಡೆಸುವವರ ವಿರುದ್ಧ ಕಠಿಣ ಕ್ರಮ ಕೈಗೊಳ್ಳಬೇಕು.

ಜನಪ್ರತಿನಿಧಿಗಳೇ ಇಂತಹವರನ್ನು ರಕ್ಷಿಸಲು ಮುಂದಾದರೆ ಸಮಾಜದಲ್ಲಿ ಕಾನೂನಿನ ಭಯ ಇಲ್ಲವಾಗುತ್ತದೆ. ಸರ್ಕಾರ ಈ ಬಗ್ಗೆ ತಕ್ಷಣ ಎಚ್ಚೆತ್ತುಕೊಳ್ಳಬೇಕು.

– ಉಲ್ಲಾಳ ರತ್ನಾಕರ ನಾಯಕ್
ಎಂಥಾ ಭ್ರಷ್ಟಾಚಾರ!

ಉತ್ತರ ಪ್ರದೇಶದ ಒಂದು ಆಸ್ಪತ್ರೆಯಲ್ಲಿ ಒಬ್ಬಳೇ ಮಹಿಳೆ 30 ತಿಂಗಳಲ್ಲಿ 25 ಹೆರಿಗೆ ಮತ್ತು 5 ಬಾರಿ ಗರ್ಭಪಾತ ಮಾಡಿಸಿಕೊಂಡ ಪ್ರಕರಣ ಬೆಳಕಿಗೆ ಬಂದಿದೆ. ಸರ್ಕಾರದ ಯೋಜನೆಯಿಂದ ಲಾಭ ಪಡೆಯಲು ಈ ರೀತಿ ಮಾಡಲಾಗಿದೆ.

ಇದು ಅಧಿಕಾರಿಗಳ ಶಾಮೀಲಾತಿ ಇಲ್ಲದೆ ಸಾಧ್ಯವಿಲ್ಲ. ಇಂತಹ ಭ್ರಷ್ಟಾಚಾರ ತಡೆಗಟ್ಟಲು ಡಿಜಿಟಲ್ ವ್ಯವಸ್ಥೆ ಬಲಪಡಿಸಬೇಕು. ತಪ್ಪಿತಸ್ಥರಿಗೆ ಕಠಿಣ ಶಿಕ್ಷೆ ನೀಡಬೇಕು. ಇದು ಸಾರ್ವಜನಿಕ ಹಣದ ದುರುಪಯೋಗ.

– ರಮಾನಂದ ಶರ್ಮಾ, ಬೆಂಗಳೂರು
